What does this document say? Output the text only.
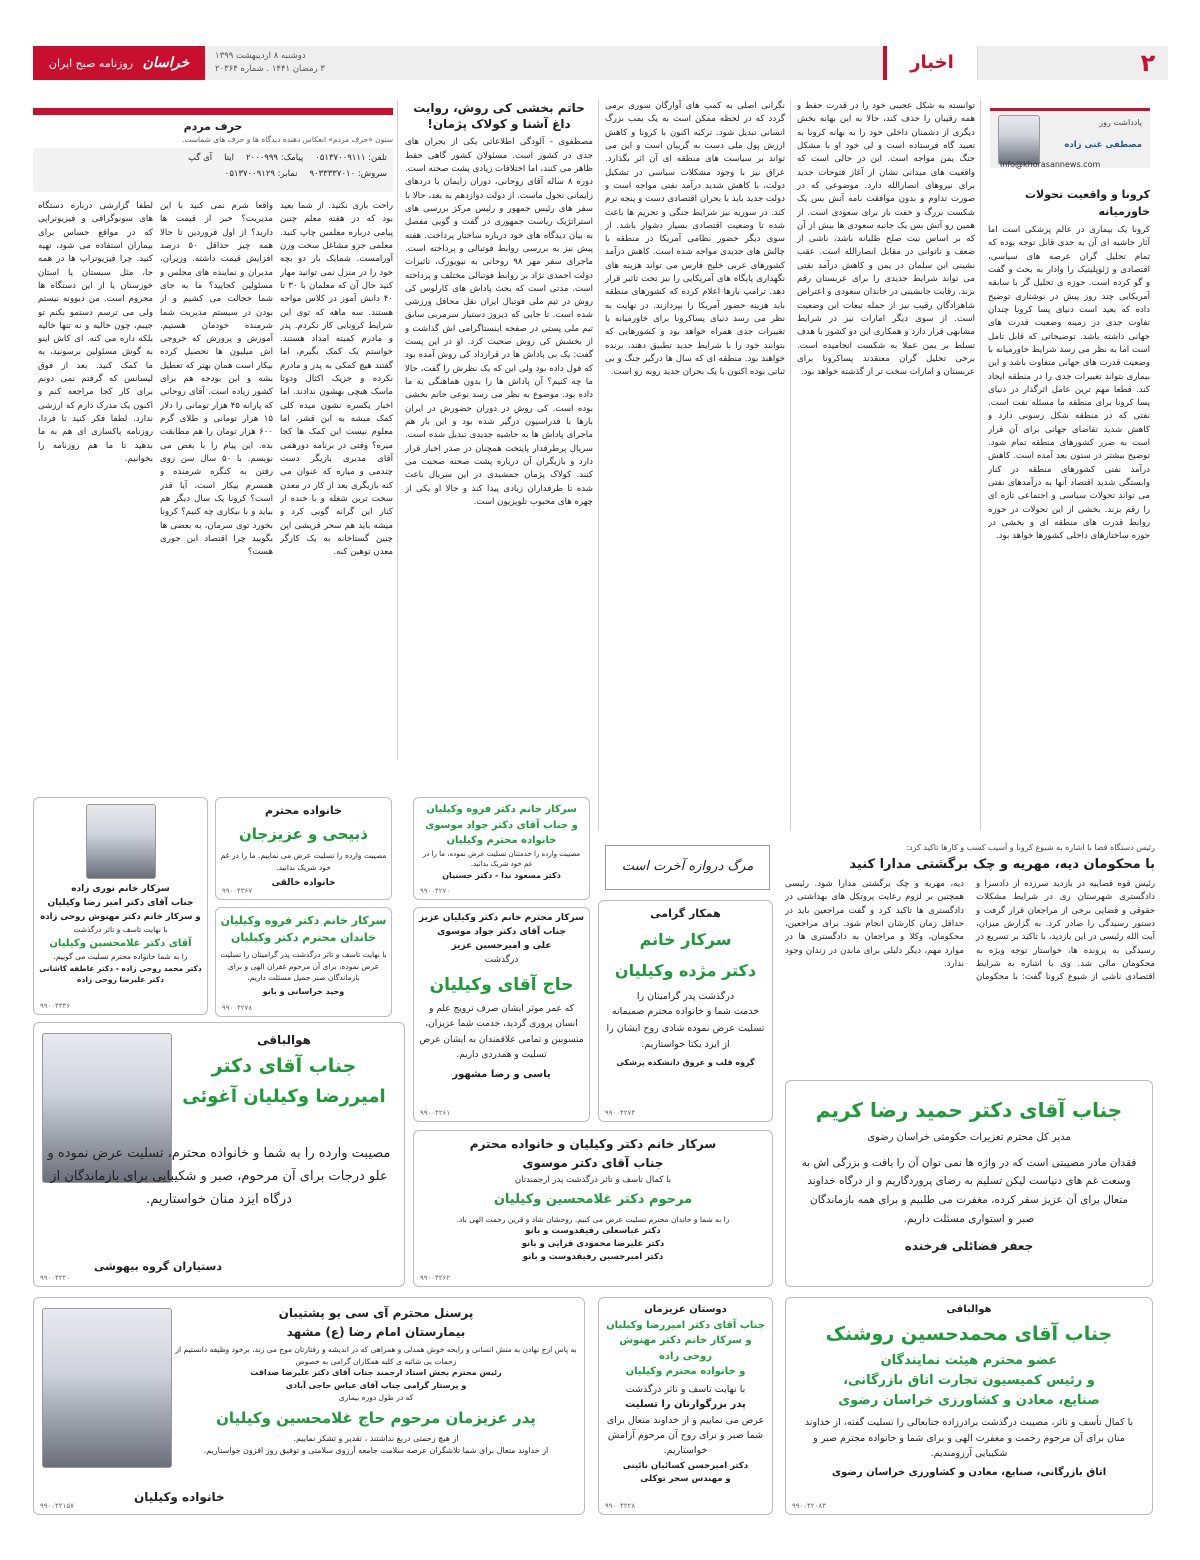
۲
اخبار
دوشنبه ۸ اردیبهشت ۱۳۹۹
۳ رمضان ۱۴۴۱ . شماره ۲۰۳۶۴
خراسان روزنامه صبح ایران
یادداشت روز
مصطفی غنی زاده
info@khorasannews.com
کرونا و واقعیت تحولات خاورمیانه
کرونا یک بیماری در عالم پزشکی است اما آثار حاشیه ای آن به حدی قابل توجه بوده که تمام تحلیل گران عرصه های سیاسی، اقتصادی و ژئوپلیتیک را وادار به بحث و گفت و گو کرده است. حوزه ی تحلیل گر با سابقه آمریکایی چند روز پیش در نوشتاری توضیح داده که بعید است دنیای پسا کرونا چندان تفاوت جدی در زمینه وضعیت قدرت های جهانی داشته باشد. توضیحاتی که قابل تامل است اما به نظر می رسد شرایط خاورمیانه با وضعیت قدرت های جهانی متفاوت باشد و این بیماری بتواند تغییرات جدی را در منطقه ایجاد کند. قطعا مهم ترین عامل اثرگذار در دنیای پسا کرونا برای منطقه ما مسئله نفت است. نفتی که در منطقه شکل رسوبی دارد و کاهش شدید تقاضای جهانی برای آن قرار است به ضرر کشورهای منطقه تمام شود. توضیح بیشتر در ستون بعد آمده است. کاهش درآمد نفتی کشورهای منطقه در کنار وابستگی شدید اقتصاد آنها به درآمدهای نفتی می تواند تحولات سیاسی و اجتماعی تازه ای را رقم بزند. بخشی از این تحولات در حوزه روابط قدرت های منطقه ای و بخشی در حوزه ساختارهای داخلی کشورها خواهد بود.
توانسته به شکل عجیبی خود را در قدرت حفظ و همه رقیبان را حذف کند، حالا به این بهانه بخش دیگری از دشمنان داخلی خود را به بهانه کرونا به تعبید گاه فرستاده است و لی خود او با مشکل جنگ یمن مواجه است. این در حالی است که واقعیت های میدانی نشان از آغاز فتوحات جدید برای نیروهای انصارالله دارد. موضوعی که در صورت تداوم و بدون موافقت نامه آتش بس یک شکست بزرگ و خفت بار برای سعودی است. از همین رو آتش بس یک جانبه سعودی ها بیش از آن که بر اساس نیت صلح طلبانه باشد، ناشی از ضعف و ناتوانی در مقابل انصارالله است. عقب نشینی ابن سلمان در یمن و کاهش درآمد نفتی می تواند شرایط جدیدی را برای عربستان رقم بزند. رقابت جانشینی در خاندان سعودی و اعتراض شاهزادگان رقیب نیز از جمله تبعات این وضعیت است. از سوی دیگر امارات نیز در شرایط مشابهی قرار دارد و همکاری این دو کشور با هدف تسلط بر یمن عملا به شکست انجامیده است. برخی تحلیل گران معتقدند پساکرونا برای عربستان و امارات سخت تر از گذشته خواهد بود.
نگرانی اصلی به کمپ های آوارگان سوری برمی گردد که در لحظه ممکن است به یک بمب بزرگ انسانی تبدیل شود. ترکیه اکنون با کرونا و کاهش ارزش پول ملی دست به گریبان است و این می تواند بر سیاست های منطقه ای آن اثر بگذارد. عراق نیز با وجود مشکلات سیاسی در تشکیل دولت، با کاهش شدید درآمد نفتی مواجه است و دولت جدید باید با بحران اقتصادی دست و پنجه نرم کند. در سوریه نیز شرایط جنگی و تحریم ها باعث شده تا وضعیت اقتصادی بسیار دشوار باشد. از سوی دیگر حضور نظامی آمریکا در منطقه با چالش های جدیدی مواجه شده است. کاهش درآمد کشورهای عربی خلیج فارس می تواند هزینه های نگهداری پایگاه های آمریکایی را نیز تحت تاثیر قرار دهد. ترامپ بارها اعلام کرده که کشورهای منطقه باید هزینه حضور آمریکا را بپردازند. در نهایت به نظر می رسد دنیای پساکرونا برای خاورمیانه با تغییرات جدی همراه خواهد بود و کشورهایی که بتوانند خود را با شرایط جدید تطبیق دهند، برنده خواهند بود. منطقه ای که سال ها درگیر جنگ و بی ثباتی بوده اکنون با یک بحران جدید روبه رو است.
حاتم بخشی کی روش، روایت داغ آشنا و کولاک پژمان!
مصطفوی - آلودگی اطلاعاتی یکی از بحران های جدی در کشور است. مسئولان کشور گاهی حقط ظاهر می کنند، اما اختلافات زیادی پشت صحنه است. دوره ۸ ساله آقای روحانی، دوران زایمان با دردهای زایمانی تحول ماست. از دولت دوازدهم به بعد، حالا با سفر های رئیس جمهور و رئیس مرکز بررسی های استراتژیک ریاست جمهوری در گفت و گویی مفصل به بیان دیدگاه های خود درباره ساختار پرداخت. هفته پیش نیز به بررسی روابط فوتبالی و پرداخته است. ماجرای سفر مهر ۹۸ روحانی به نیویورک، تاثیرات دولت احمدی نژاد بر روابط فوتبالی مختلف و پرداخته است. مدتی است که بحث پاداش های کارلوس کی روش در تیم ملی فوتبال ایران نقل محافل ورزشی شده است. تا جایی که دیروز دستیار سرمربی سابق تیم ملی پستی در صفحه اینستاگرامی اش گذاشت و از بخشش کی روش صحبت کرد. او در این پست گفت: یک بی پاداش ها در قرارداد کی روش آمده بود که قول داده بود ولی این که یک نظرش را گفت، حالا ما چه کنیم؟ آن پاداش ها را بدون هماهنگی به ما داده بود. موضوع به نظر می رسد نوعی حاتم بخشی بوده است. کی روش در دوران حضورش در ایران بارها با فدراسیون درگیر شده بود و این بار هم ماجرای پاداش ها به حاشیه جدیدی تبدیل شده است. سریال پرطرفدار پایتخت همچنان در صدر اخبار قرار دارد و بازیگران آن درباره پشت صحنه صحبت می کنند. کولاک پژمان جمشیدی در این سریال باعث شده تا طرفداران زیادی پیدا کند و حالا او یکی از چهره های محبوب تلویزیون است.
حرف مردم
ستون «حرف مردم» انعکاس دهنده دیدگاه ها و حرف های شماست.
تلفن: ۰۵۱۳۷۰۰۹۱۱۱
پیامک: ۲۰۰۰۹۹۹
ایتا
آی گپ
سروش: ۹۰۳۳۳۳۷۰۱۰
نمابر: ۰۵۱۳۷۰۰۹۱۲۹
راحت بازی نکنید. از شما بعید بود که در هفته معلم چنین پیامی درباره معلمین چاپ کنید. معلمی جزو مشاغل سخت وزن آورامست. شمایک بار دو بچه خود را در منزل نمی توانید مهار کنید حال آن که معلمان با ۳۰ تا ۴۰ دانش آموز در کلاس مواجه هستند. سه ماهه که توی این شرایط کرونایی کار نکردم. پدر و مادرم کمیته امداد هستند. خواستم یک کمک بگیرم، اما گفتند هیچ کمکی به پدر و مادرم نکرده و جزیک اکثال ودوتا ماسک هیچی بهشون ندادند. اما اخبار یکسره نشون میده کلی کمک میشه به این قشر، اما معلوم نیست این کمک ها کجا میره؟ وقتی در برنامه دورهمی آقای مدیری بازیگر دست چندمی و میاره که عنوان می کنه بازیگری بعد از کار در معدن سخت ترین شغله و با خنده از کنار این گرانه گویی کرد و میشه باید هم سحر قریشی این چنین گستاخانه به یک کارگر معدن توهین کنه.
واقعا شرم نمی کنید با این مدیریت؟ خبر از قیمت ها دارید؟ از اول فروردین تا حالا همه چیز حداقل ۵۰ درصد افزایش قیمت داشته. وزیران، مدیران و نماینده های مجلس و مسئولین کجایید؟ ما به جای شما خجالت می کشیم و از بودن در سیستم مدیریت شما شرمنده خودمان هستیم. آموزش و پرورش که خروجی اش میلیون ها تحصیل کرده بیکار است همان بهتر که تعطیل بشه و این بودجه هم برای کشور زیاده است. آقای روحانی که پارانه ۴۵ هزار تومانی را دلار ۱۵ هزار تومانی و طلای گرم ۶۰۰ هزار تومان را هم مطابقت بده. این پیام را با بغض می نویسم. با ۵۰ سال سن روی رفتن به کنگره شرمنده و همسرم بیکار است، آیا قدر است؟ کرونا یک سال دیگر هم بیاید و با بیکاری چه کنیم؟ کرونا بخورد توی سرمان، به بعضی ها بگویید چرا اقتصاد این جوری هست؟
لطفا گزارشی درباره دستگاه های سونوگرافی و فیزیوتراپی که در مواقع حساس برای بیماران استفاده می شود، تهیه کنید. چرا فیزیوتراپ ها در همه جا، مثل سیستان یا استان خوزستان یا از این دستگاه ها محروم است. من دیوونه نیستم ولی می ترسم دستمو بکنم تو جیبم، چون خالیه و نه تنها خالیه بلکه داره می کنه. ای کاش اینو به گوش مسئولین برسونید، به ما کمک کنید. بعد از فوق لیسانس که گرفتم نمی دونم برای کار کجا مراجعه کنم و اکنون یک مدرک دارم که ارزشی ندارد. لطفا فکر کنید تا فردا، روزنامه پاکسازی ای هم به ما بدهید تا ما هم روزنامه را بخوانیم.
رئیس دستگاه قضا با اشاره به شیوع کرونا و آسیب کسب و کارها تاکید کرد:
با محکومان دیه، مهریه و چک برگشتی مدارا کنید
رئیس قوه قضاییه در بازدید سرزده از دادسرا و دادگستری شهرستان ری در شرایط مشکلات حقوقی و قضایی برخی از مراجعان قرار گرفت و دستور رسیدگی را صادر کرد. به گزارش میزان، آیت الله رئیسی در این بازدید، با تاکید بر تسریع در رسیدگی به پرونده ها، خواستار توجه ویژه به محکومان مالی شد. وی با اشاره به شرایط اقتصادی ناشی از شیوع کرونا گفت: با محکومان دیه، مهریه و چک برگشتی مدارا شود. رئیسی همچنین بر لزوم رعایت پروتکل های بهداشتی در دادگستری ها تاکید کرد و گفت مراجعین باید در حداقل زمان کارشان انجام شود. برای مراجعین، محکومان، وکلا و مراجعان به دادگستری ها در موارد مهم، دیگر دلیلی برای ماندن در زندان وجود ندارد.
مرگ دروازه آخرت است
خانواده محترم
ذبیحی و عزیزجان
مصیبت وارده را تسلیت عرض می نماییم. ما را در غم خود شریک بدانید.
خانواده خالقی
۹۹۰۰۴۳۶۷
سرکار خانم دکتر فروه وکیلیان
و جناب آقای دکتر جواد موسوی
خانواده محترم وکیلیان
مصیبت وارده را خدمتتان تسلیت عرض نموده، ما را در غم خود شریک بدانید.
دکتر مسعود ندا - دکتر حسنیان
۹۹۰۰۴۲۷۰
سرکار خانم نوری زاده
جناب آقای دکتر امیر رضا وکیلیان
و سرکار خانم دکتر مهنوش روحی زاده
با نهایت تاسف و تاثر درگذشت
آقای دکتر غلامحسین وکیلیان
را به شما خانواده محترم تسلیت می گوییم.
دکتر محمد روحی زاده - دکتر عاطفه کاشانی
دکتر علیرضا روحی زاده
۹۹۰۰۴۳۴۶
سرکار خانم دکتر فروه وکیلیان
خاندان محترم دکتر وکیلیان
با نهایت تاسف و تاثر درگذشت پدر گرامیتان را تسلیت عرض نموده، برای آن مرحوم غفران الهی و برای بازماندگان صبر جمیل مسئلت داریم.
وحید خراسانی و بانو
۹۹۰۰۴۲۷۸
سرکار محترم خانم دکتر وکیلیان عزیز
جناب آقای دکتر جواد موسوی
علی و امیرحسین عزیز
درگذشت
حاج آقای وکیلیان
که عمر موثر ایشان صرف ترویج علم و انسان پروری گردید، خدمت شما عزیزان، منسوبین و تمامی علاقمندان به ایشان عرض تسلیت و همدردی داریم.
یاسی و رضا مشهور
۹۹۰۰۴۲۶۱
همکار گرامی
سرکار خانم
دکتر مژده وکیلیان
درگذشت پدر گرامیتان را
خدمت شما و خانواده محترم صمیمانه تسلیت عرض نموده شادی روح ایشان را از ایزد یکتا خواستاریم.
گروه قلب و عروق دانشکده پزشکی
۹۹۰۰۴۲۷۴
هوالباقی
جناب آقای دکتر
امیررضا وکیلیان آغوئی
مصیبت وارده را به شما و خانواده محترم، تسلیت عرض نموده و علو درجات برای آن مرحوم، صبر و شکیبایی برای بازماندگان از درگاه ایزد منان خواستاریم.
دستیاران گروه بیهوشی
۹۹۰۰۴۲۲۰
سرکار خانم دکتر وکیلیان و خانواده محترم
جناب آقای دکتر موسوی
با کمال تاسف و تاثر درگذشت پدر ارجمندتان
مرحوم دکتر غلامحسین وکیلیان
را به شما و خاندان محترم تسلیت عرض می کنیم. روحشان شاد و قرین رحمت الهی باد.
دکتر عباسعلی رفیقدوست و بانو
دکتر علیرضا محمودی قرایی و بانو
دکتر امیرحسین رفیقدوست و بانو
۹۹۰۰۴۲۶۲
جناب آقای دکتر حمید رضا کریم
مدیر کل محترم تعزیرات حکومتی خراسان رضوی
فقدان مادر مصیبتی است که در واژه ها نمی توان آن را یافت و بزرگی اش به وسعت غم های دنیاست لیکن تسلیم به رضای پروردگاریم و از درگاه خداوند متعال برای آن عزیز سفر کرده، مغفرت می طلبیم و برای همه بازماندگان صبر و استواری مسئلت داریم.
جعفر فضائلی فرخنده
پرسنل محترم آی سی یو پشتیبان
بیمارستان امام رضا (ع) مشهد
به پاس ارج نهادن به منش انسانی و رایحه خوش همدلی و همراهی که در اندیشه و رفتارتان موج می زند، برخود وظیفه دانستیم از زحمات بی شائبه ی کلیه همکاران گرامی به خصوص
رئیس محترم بخش استاد ارجمند جناب آقای دکتر علیرضا صداقت
و پرستار گرامی جناب آقای عباس حاجی آبادی
که در طول دوره بیماری
پدر عزیزمان مرحوم حاج غلامحسین وکیلیان
از هیچ زحمتی دریغ نداشتند ، تقدیر و تشکر نماییم.
از خداوند متعال برای شما تلاشگران عرصه سلامت جامعه آرزوی سلامتی و توفیق روز افزون خواستاریم.
خانواده وکیلیان
۹۹۰۰۴۲۱۵۷
دوستان عزیزمان
جناب آقای دکتر امیررضا وکیلیان
و سرکار خانم دکتر مهنوش روحی زاده
و خانواده محترم وکیلیان
با نهایت تاسف و تاثر درگذشت
پدر بزرگوارتان را تسلیت
عرض می نماییم و از خداوند متعال برای شما صبر و برای روح آن مرحوم آرامش خواستاریم.
دکتر امیرحسن کسائیان نائینی
و مهندس سحر توکلی
۹۹۰۰۴۲۲۸
هوالباقی
جناب آقای محمدحسین روشنک
عضو محترم هیئت نمایندگان
و رئیس کمیسیون تجارت اتاق بازرگانی،
صنایع، معادن و کشاورزی خراسان رضوی
با کمال تأسف و تاثر، مصیبت درگذشت برادرزاده جنابعالی را تسلیت گفته، از خداوند منان برای آن مرحوم رحمت و مغفرت الهی و برای شما و خانواده محترم صبر و شکیبایی آرزومندیم.
اتاق بازرگانی، صنایع، معادن و کشاورزی خراسان رضوی
۹۹۰۰۴۲۰۸۳
